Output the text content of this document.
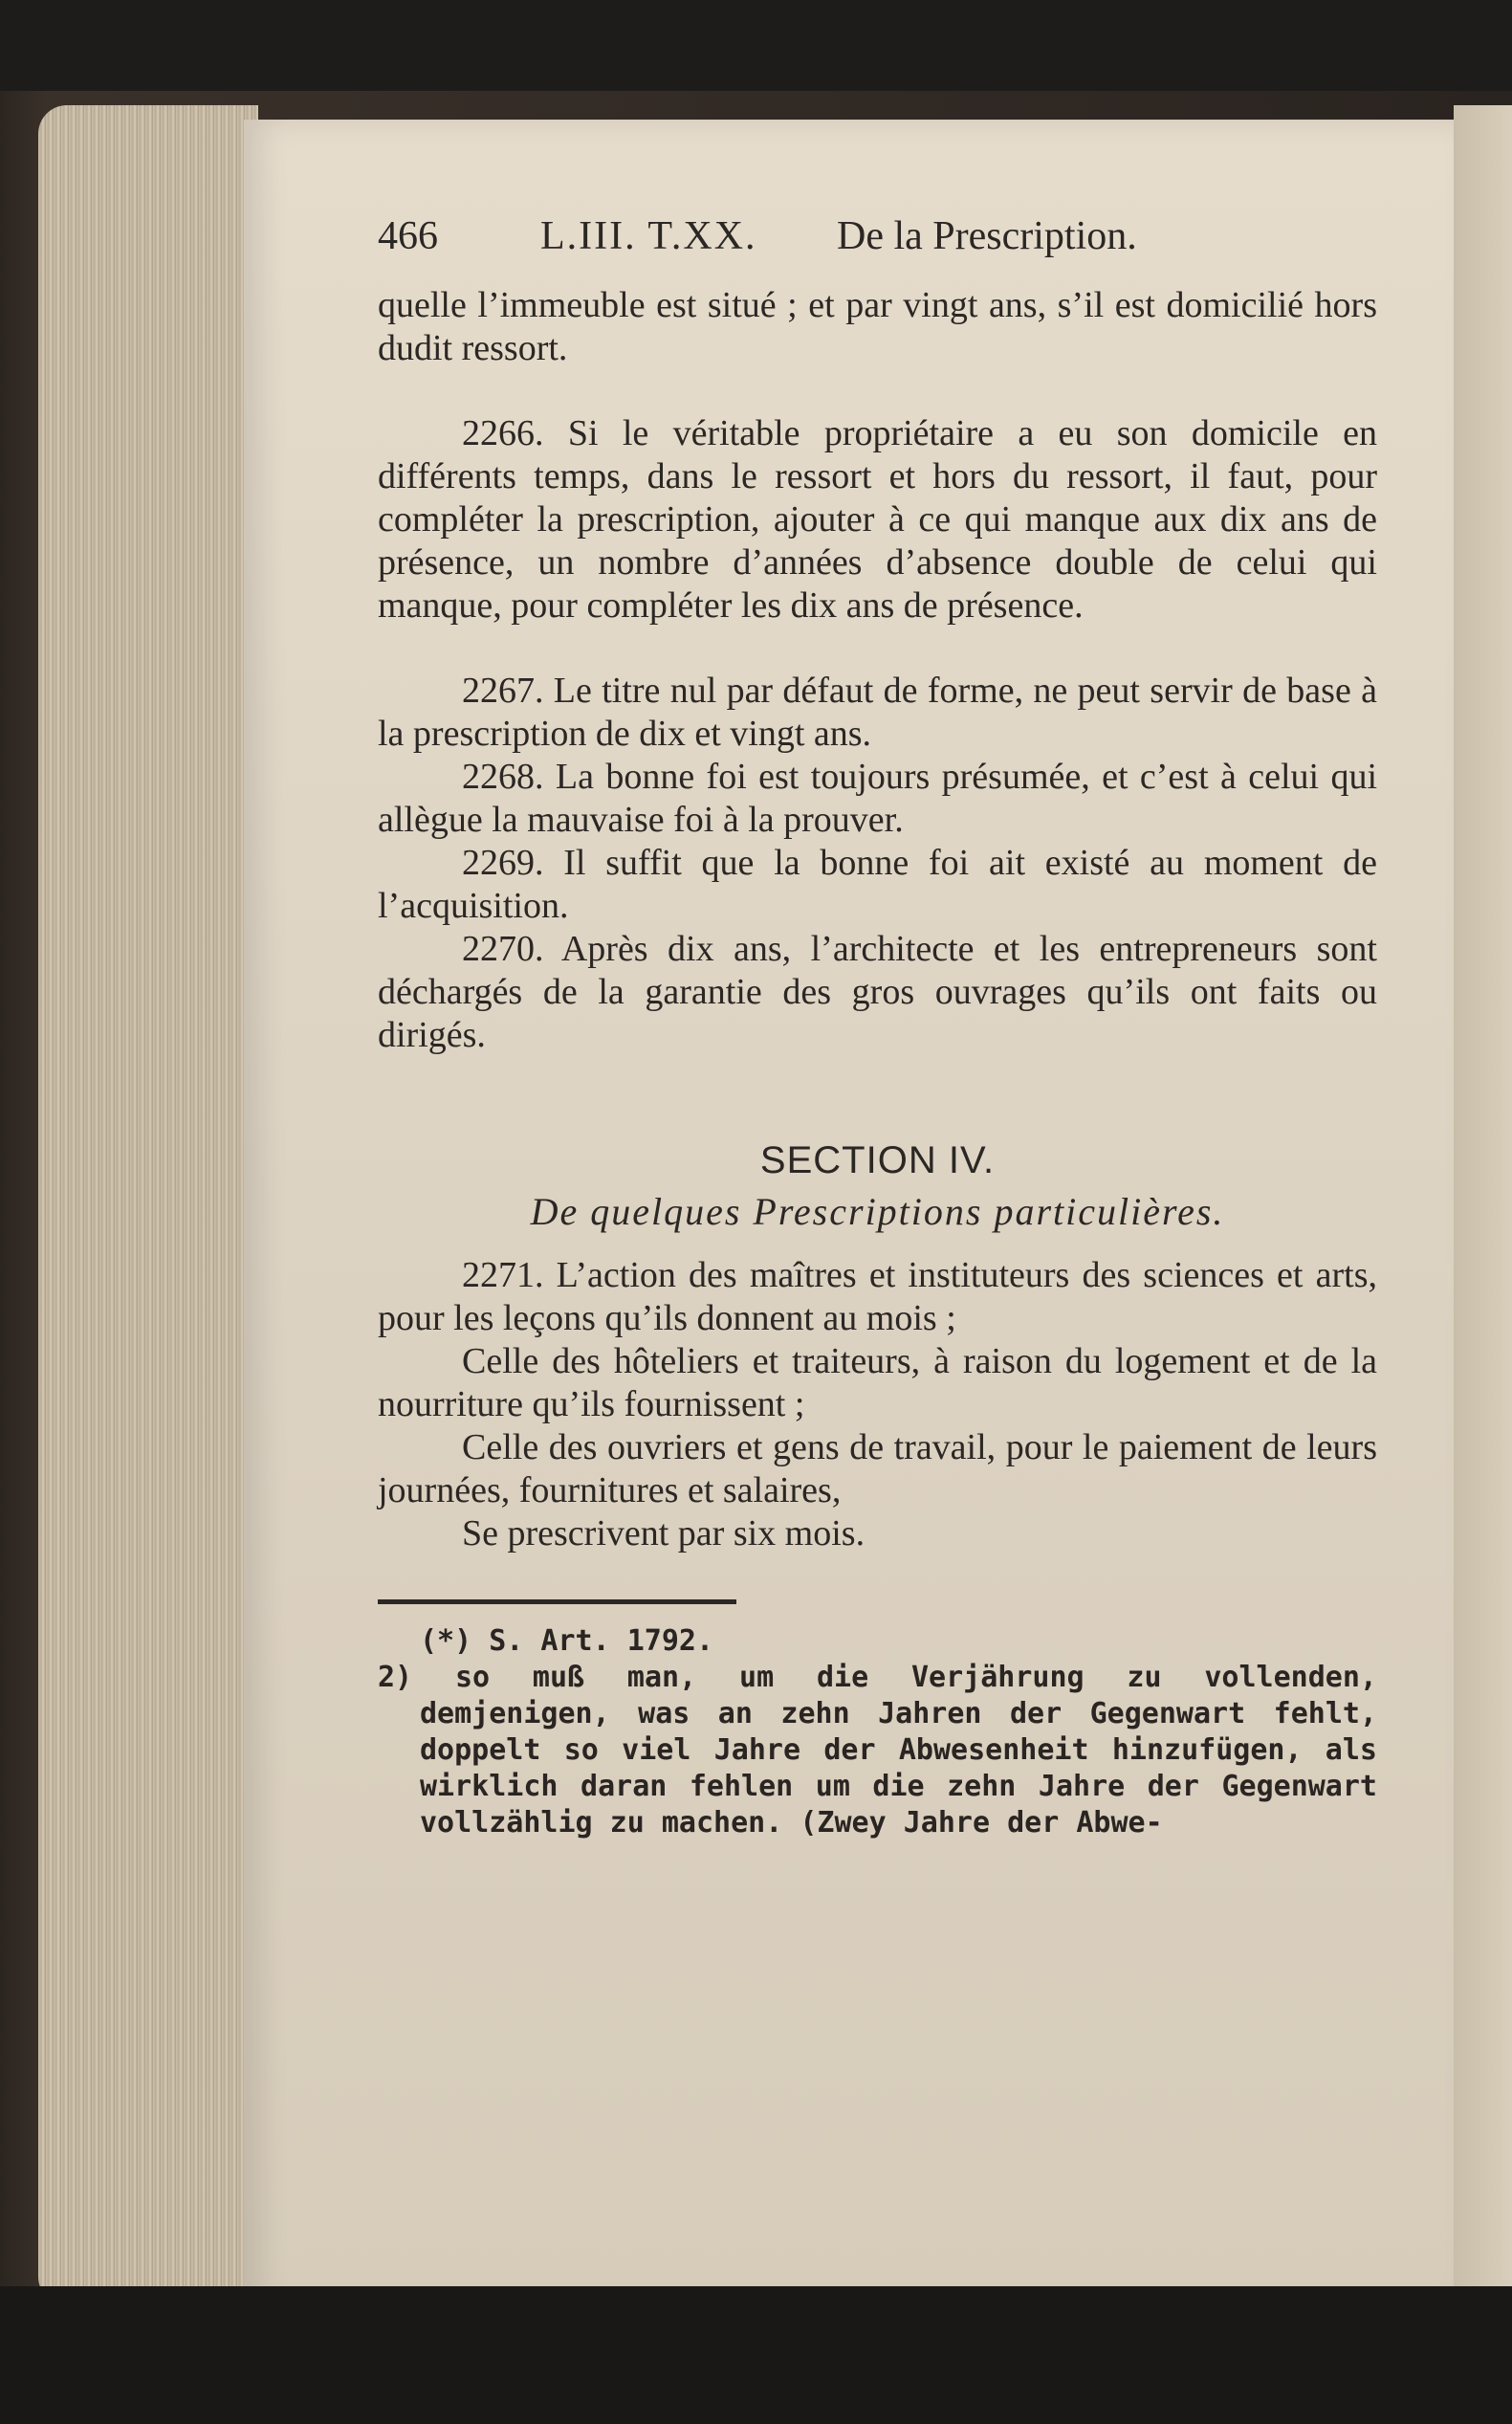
466	L.III. T.XX.	De la Prescription.

quelle l’immeuble est situé ; et par vingt ans, s’il est domicilié hors dudit ressort.

2266. Si le véritable propriétaire a eu son domicile en différents temps, dans le ressort et hors du ressort, il faut, pour compléter la prescription, ajouter à ce qui manque aux dix ans de présence, un nombre d’années d’absence double de celui qui manque, pour compléter les dix ans de présence.

2267. Le titre nul par défaut de forme, ne peut servir de base à la prescription de dix et vingt ans.

2268. La bonne foi est toujours présumée, et c’est à celui qui allègue la mauvaise foi à la prouver.

2269. Il suffit que la bonne foi ait existé au moment de l’acquisition.

2270. Après dix ans, l’architecte et les entrepreneurs sont déchargés de la garantie des gros ouvrages qu’ils ont faits ou dirigés.

SECTION IV.
De quelques Prescriptions particulières.

2271. L’action des maîtres et instituteurs des sciences et arts, pour les leçons qu’ils donnent au mois ;

Celle des hôteliers et traiteurs, à raison du logement et de la nourriture qu’ils fournissent ;

Celle des ouvriers et gens de travail, pour le paiement de leurs journées, fournitures et salaires,

Se prescrivent par six mois.

(*) S. Art. 1792.
2) so muß man, um die Verjährung zu vollenden, demjenigen, was an zehn Jahren der Gegenwart fehlt, doppelt so viel Jahre der Abwesenheit hinzufügen, als wirklich daran fehlen um die zehn Jahre der Gegenwart vollzählig zu machen. (Zwey Jahre der Abwe-
